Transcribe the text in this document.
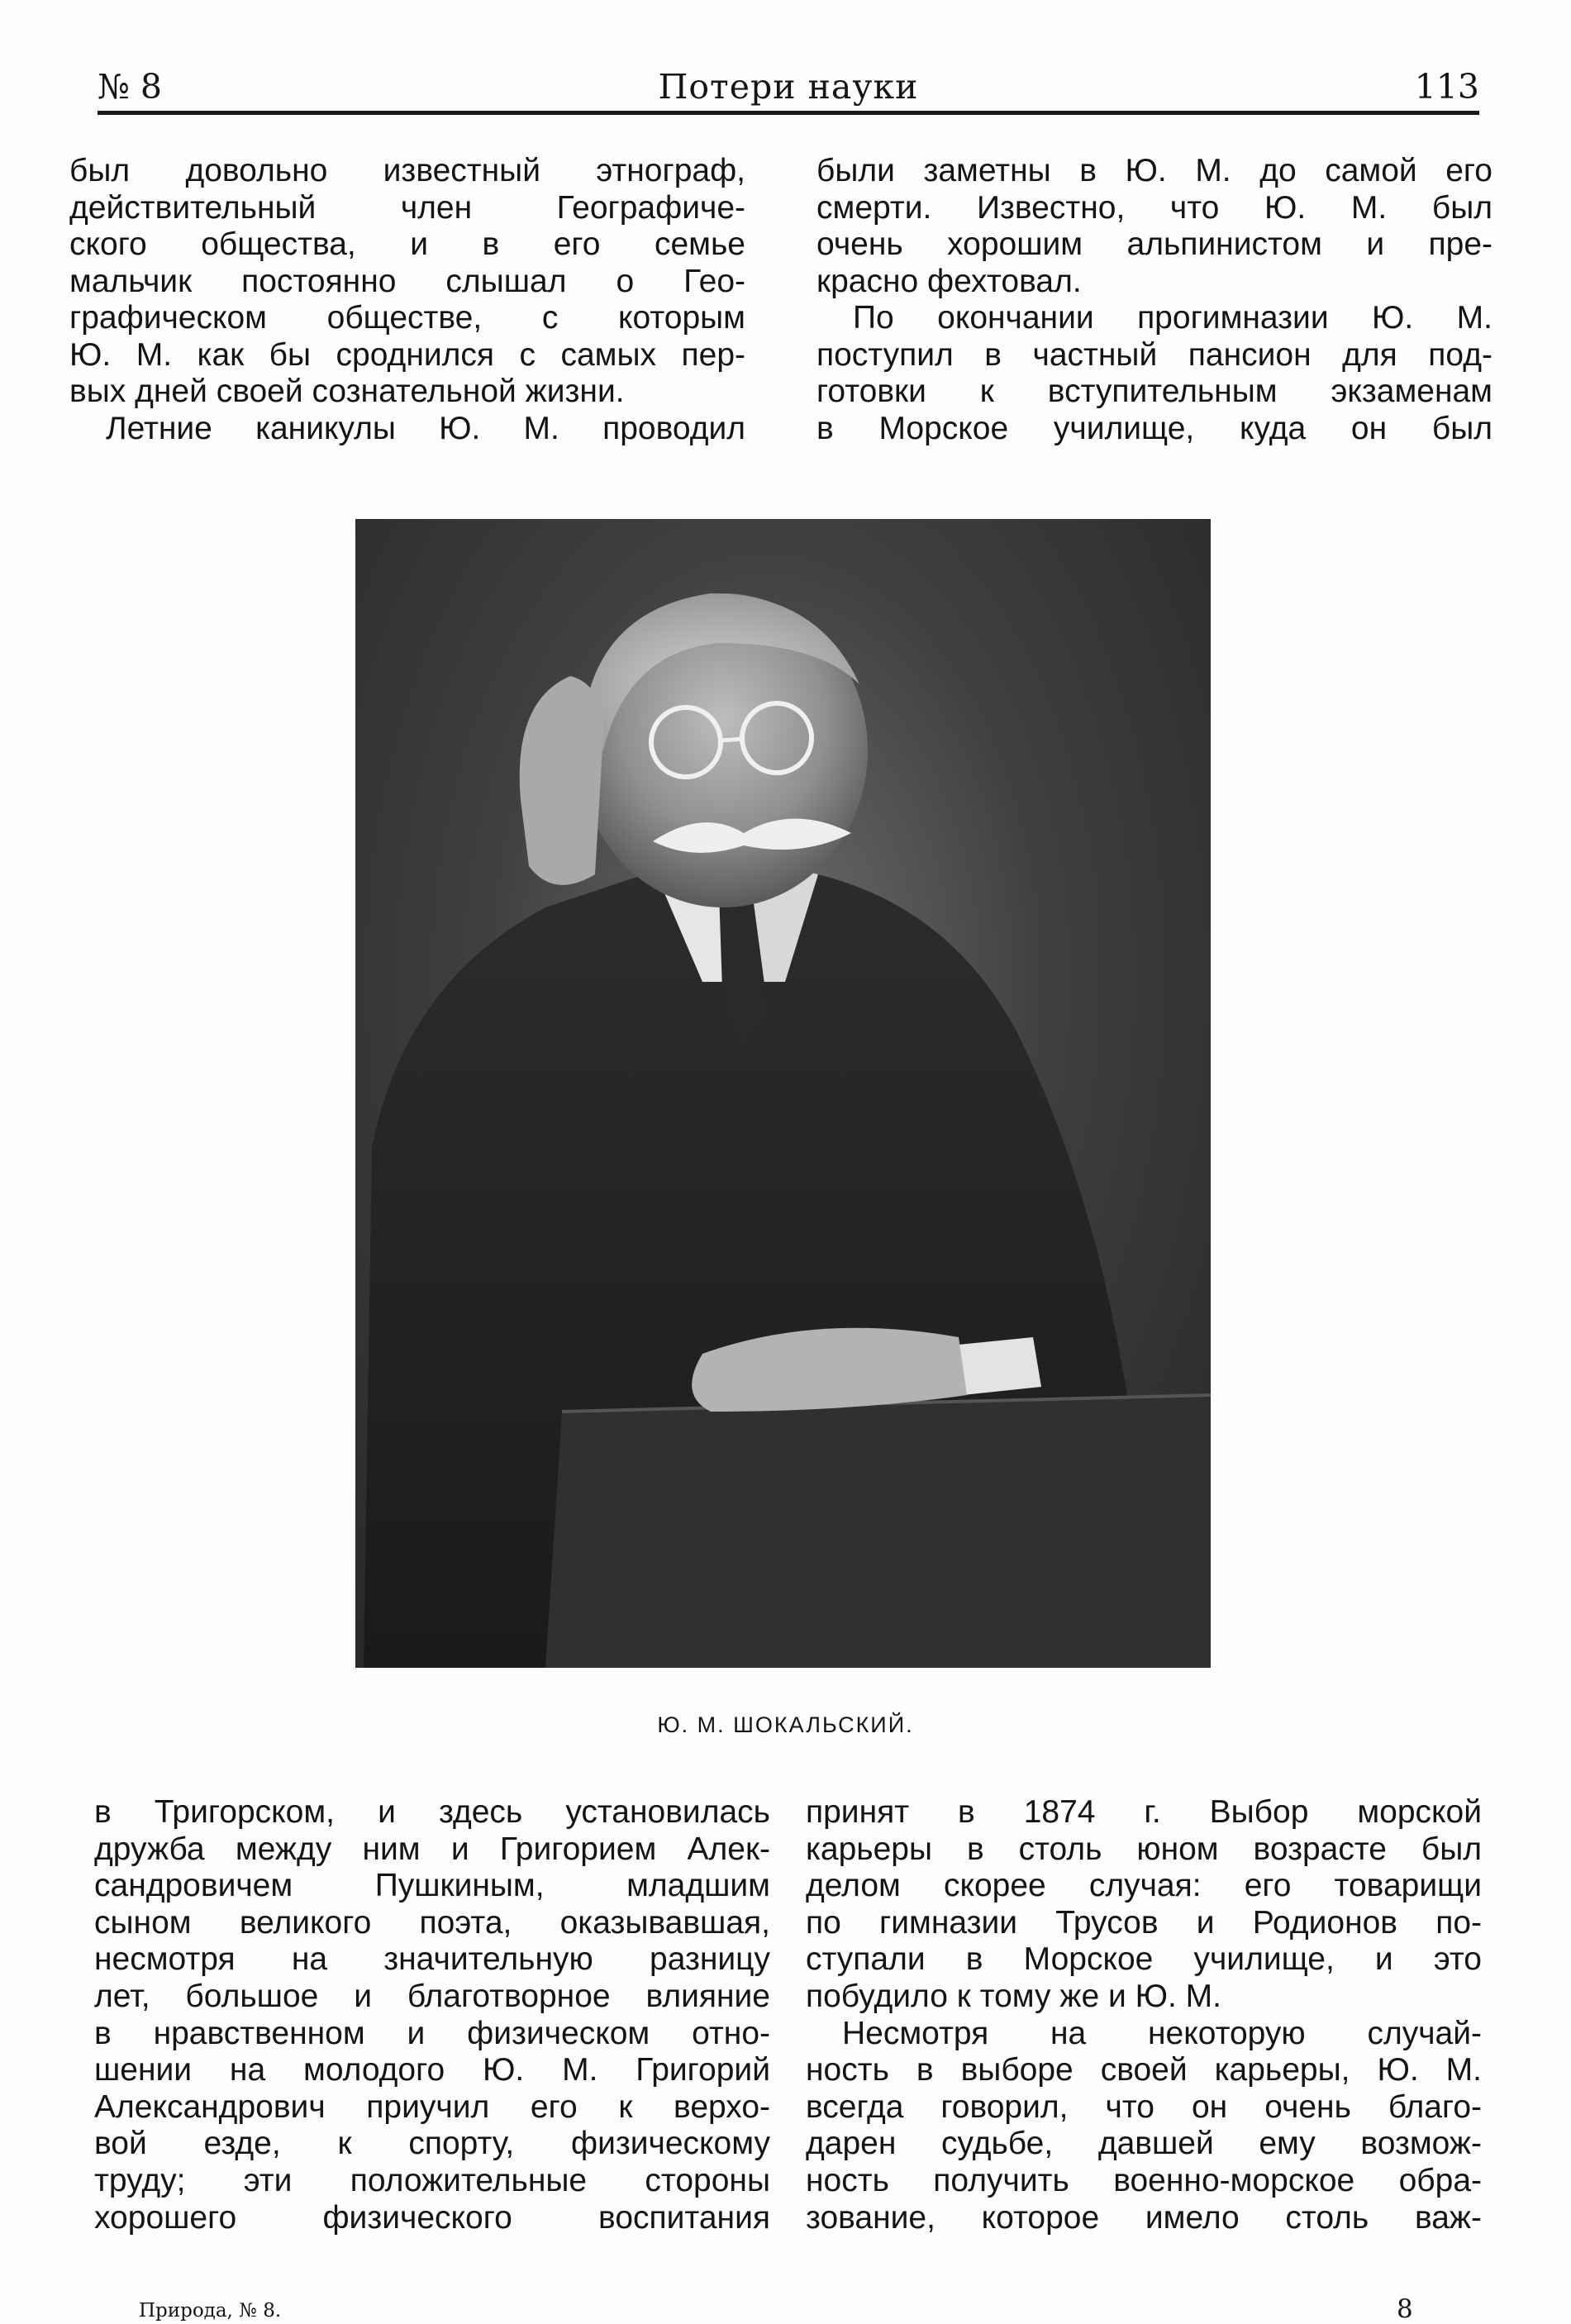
№ 8	Потери науки	113
был довольно известный этнограф,
действительный член Географиче-
ского общества, и в его семье
мальчик постоянно слышал о Гео-
графическом обществе, с которым
Ю. М. как бы сроднился с самых пер-
вых дней своей сознательной жизни.
Летние каникулы Ю. М. проводил
были заметны в Ю. М. до самой его
смерти. Известно, что Ю. М. был
очень хорошим альпинистом и пре-
красно фехтовал.
По окончании прогимназии Ю. М.
поступил в частный пансион для под-
готовки к вступительным экзаменам
в Морское училище, куда он был
Ю. М. ШОКАЛЬСКИЙ.
в Тригорском, и здесь установилась
дружба между ним и Григорием Алек-
сандровичем Пушкиным, младшим
сыном великого поэта, оказывавшая,
несмотря на значительную разницу
лет, большое и благотворное влияние
в нравственном и физическом отно-
шении на молодого Ю. М. Григорий
Александрович приучил его к верхо-
вой езде, к спорту, физическому
труду; эти положительные стороны
хорошего физического воспитания
принят в 1874 г. Выбор морской
карьеры в столь юном возрасте был
делом скорее случая: его товарищи
по гимназии Трусов и Родионов по-
ступали в Морское училище, и это
побудило к тому же и Ю. М.
Несмотря на некоторую случай-
ность в выборе своей карьеры, Ю. М.
всегда говорил, что он очень благо-
дарен судьбе, давшей ему возмож-
ность получить военно-морское обра-
зование, которое имело столь важ-
Природа, № 8.	8
